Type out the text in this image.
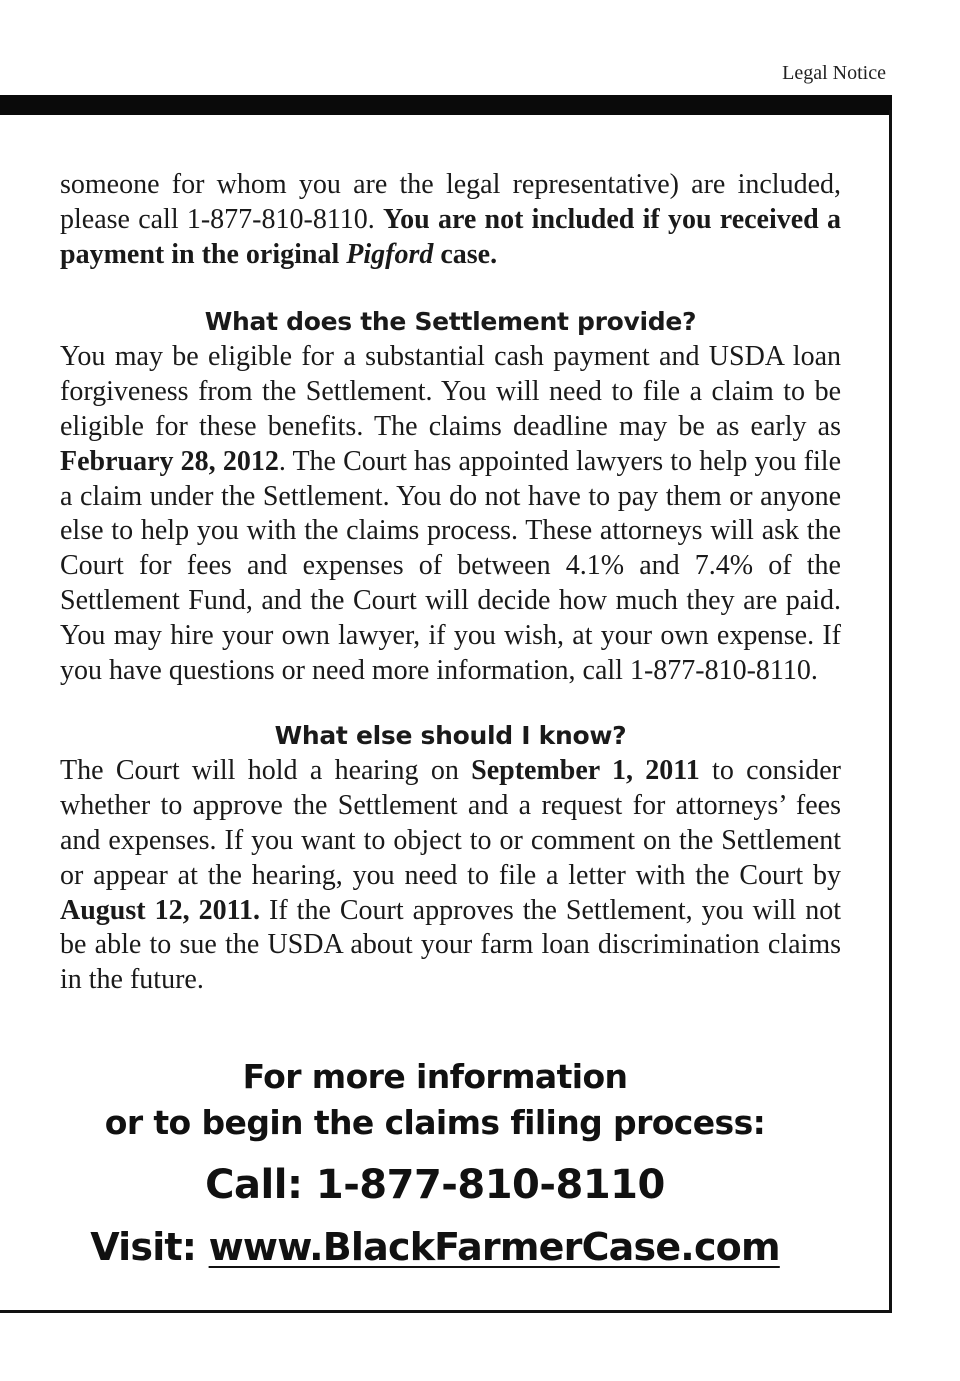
Legal Notice

someone for whom you are the legal representative) are included, please call 1-877-810-8110. You are not included if you received a payment in the original Pigford case.

What does the Settlement provide?

You may be eligible for a substantial cash payment and USDA loan forgiveness from the Settlement. You will need to file a claim to be eligible for these benefits. The claims deadline may be as early as February 28, 2012. The Court has appointed lawyers to help you file a claim under the Settlement. You do not have to pay them or anyone else to help you with the claims process. These attorneys will ask the Court for fees and expenses of between 4.1% and 7.4% of the Settlement Fund, and the Court will decide how much they are paid. You may hire your own lawyer, if you wish, at your own expense. If you have questions or need more information, call 1-877-810-8110.

What else should I know?

The Court will hold a hearing on September 1, 2011 to consider whether to approve the Settlement and a request for attorneys’ fees and expenses. If you want to object to or comment on the Settlement or appear at the hearing, you need to file a letter with the Court by August 12, 2011. If the Court approves the Settlement, you will not be able to sue the USDA about your farm loan discrimination claims in the future.

For more information
or to begin the claims filing process:
Call: 1-877-810-8110
Visit: www.BlackFarmerCase.com
